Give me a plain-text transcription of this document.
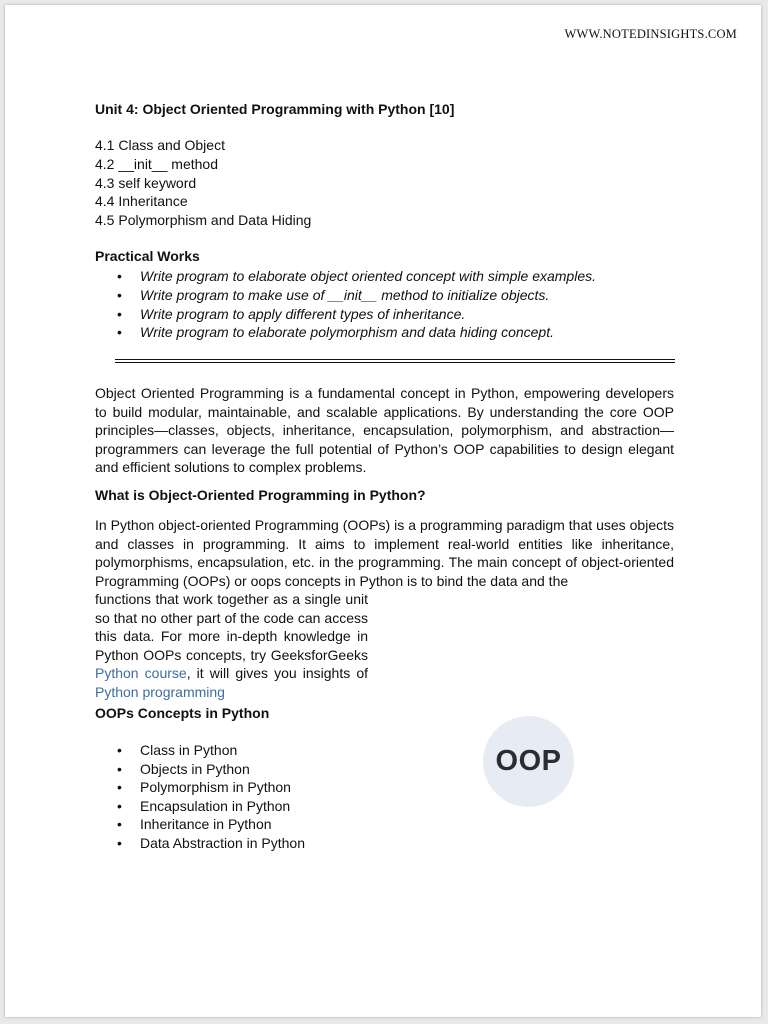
WWW.NOTEDINSIGHTS.COM
Unit 4: Object Oriented Programming with Python [10]
4.1 Class and Object
4.2 __init__ method
4.3 self keyword
4.4 Inheritance
4.5 Polymorphism and Data Hiding
Practical Works
• Write program to elaborate object oriented concept with simple examples.
• Write program to make use of __init__ method to initialize objects.
• Write program to apply different types of inheritance.
• Write program to elaborate polymorphism and data hiding concept.

Object Oriented Programming is a fundamental concept in Python, empowering developers to build modular, maintainable, and scalable applications. By understanding the core OOP principles—classes, objects, inheritance, encapsulation, polymorphism, and abstraction—programmers can leverage the full potential of Python’s OOP capabilities to design elegant and efficient solutions to complex problems.

What is Object-Oriented Programming in Python?

In Python object-oriented Programming (OOPs) is a programming paradigm that uses objects and classes in programming. It aims to implement real-world entities like inheritance, polymorphisms, encapsulation, etc. in the programming. The main concept of object-oriented Programming (OOPs) or oops concepts in Python is to bind the data and the

functions that work together as a single unit so that no other part of the code can access this data. For more in-depth knowledge in Python OOPs concepts, try GeeksforGeeks Python course, it will gives you insights of Python programming

OOPs Concepts in Python
• Class in Python
• Objects in Python
• Polymorphism in Python
• Encapsulation in Python
• Inheritance in Python
• Data Abstraction in Python
OOP
